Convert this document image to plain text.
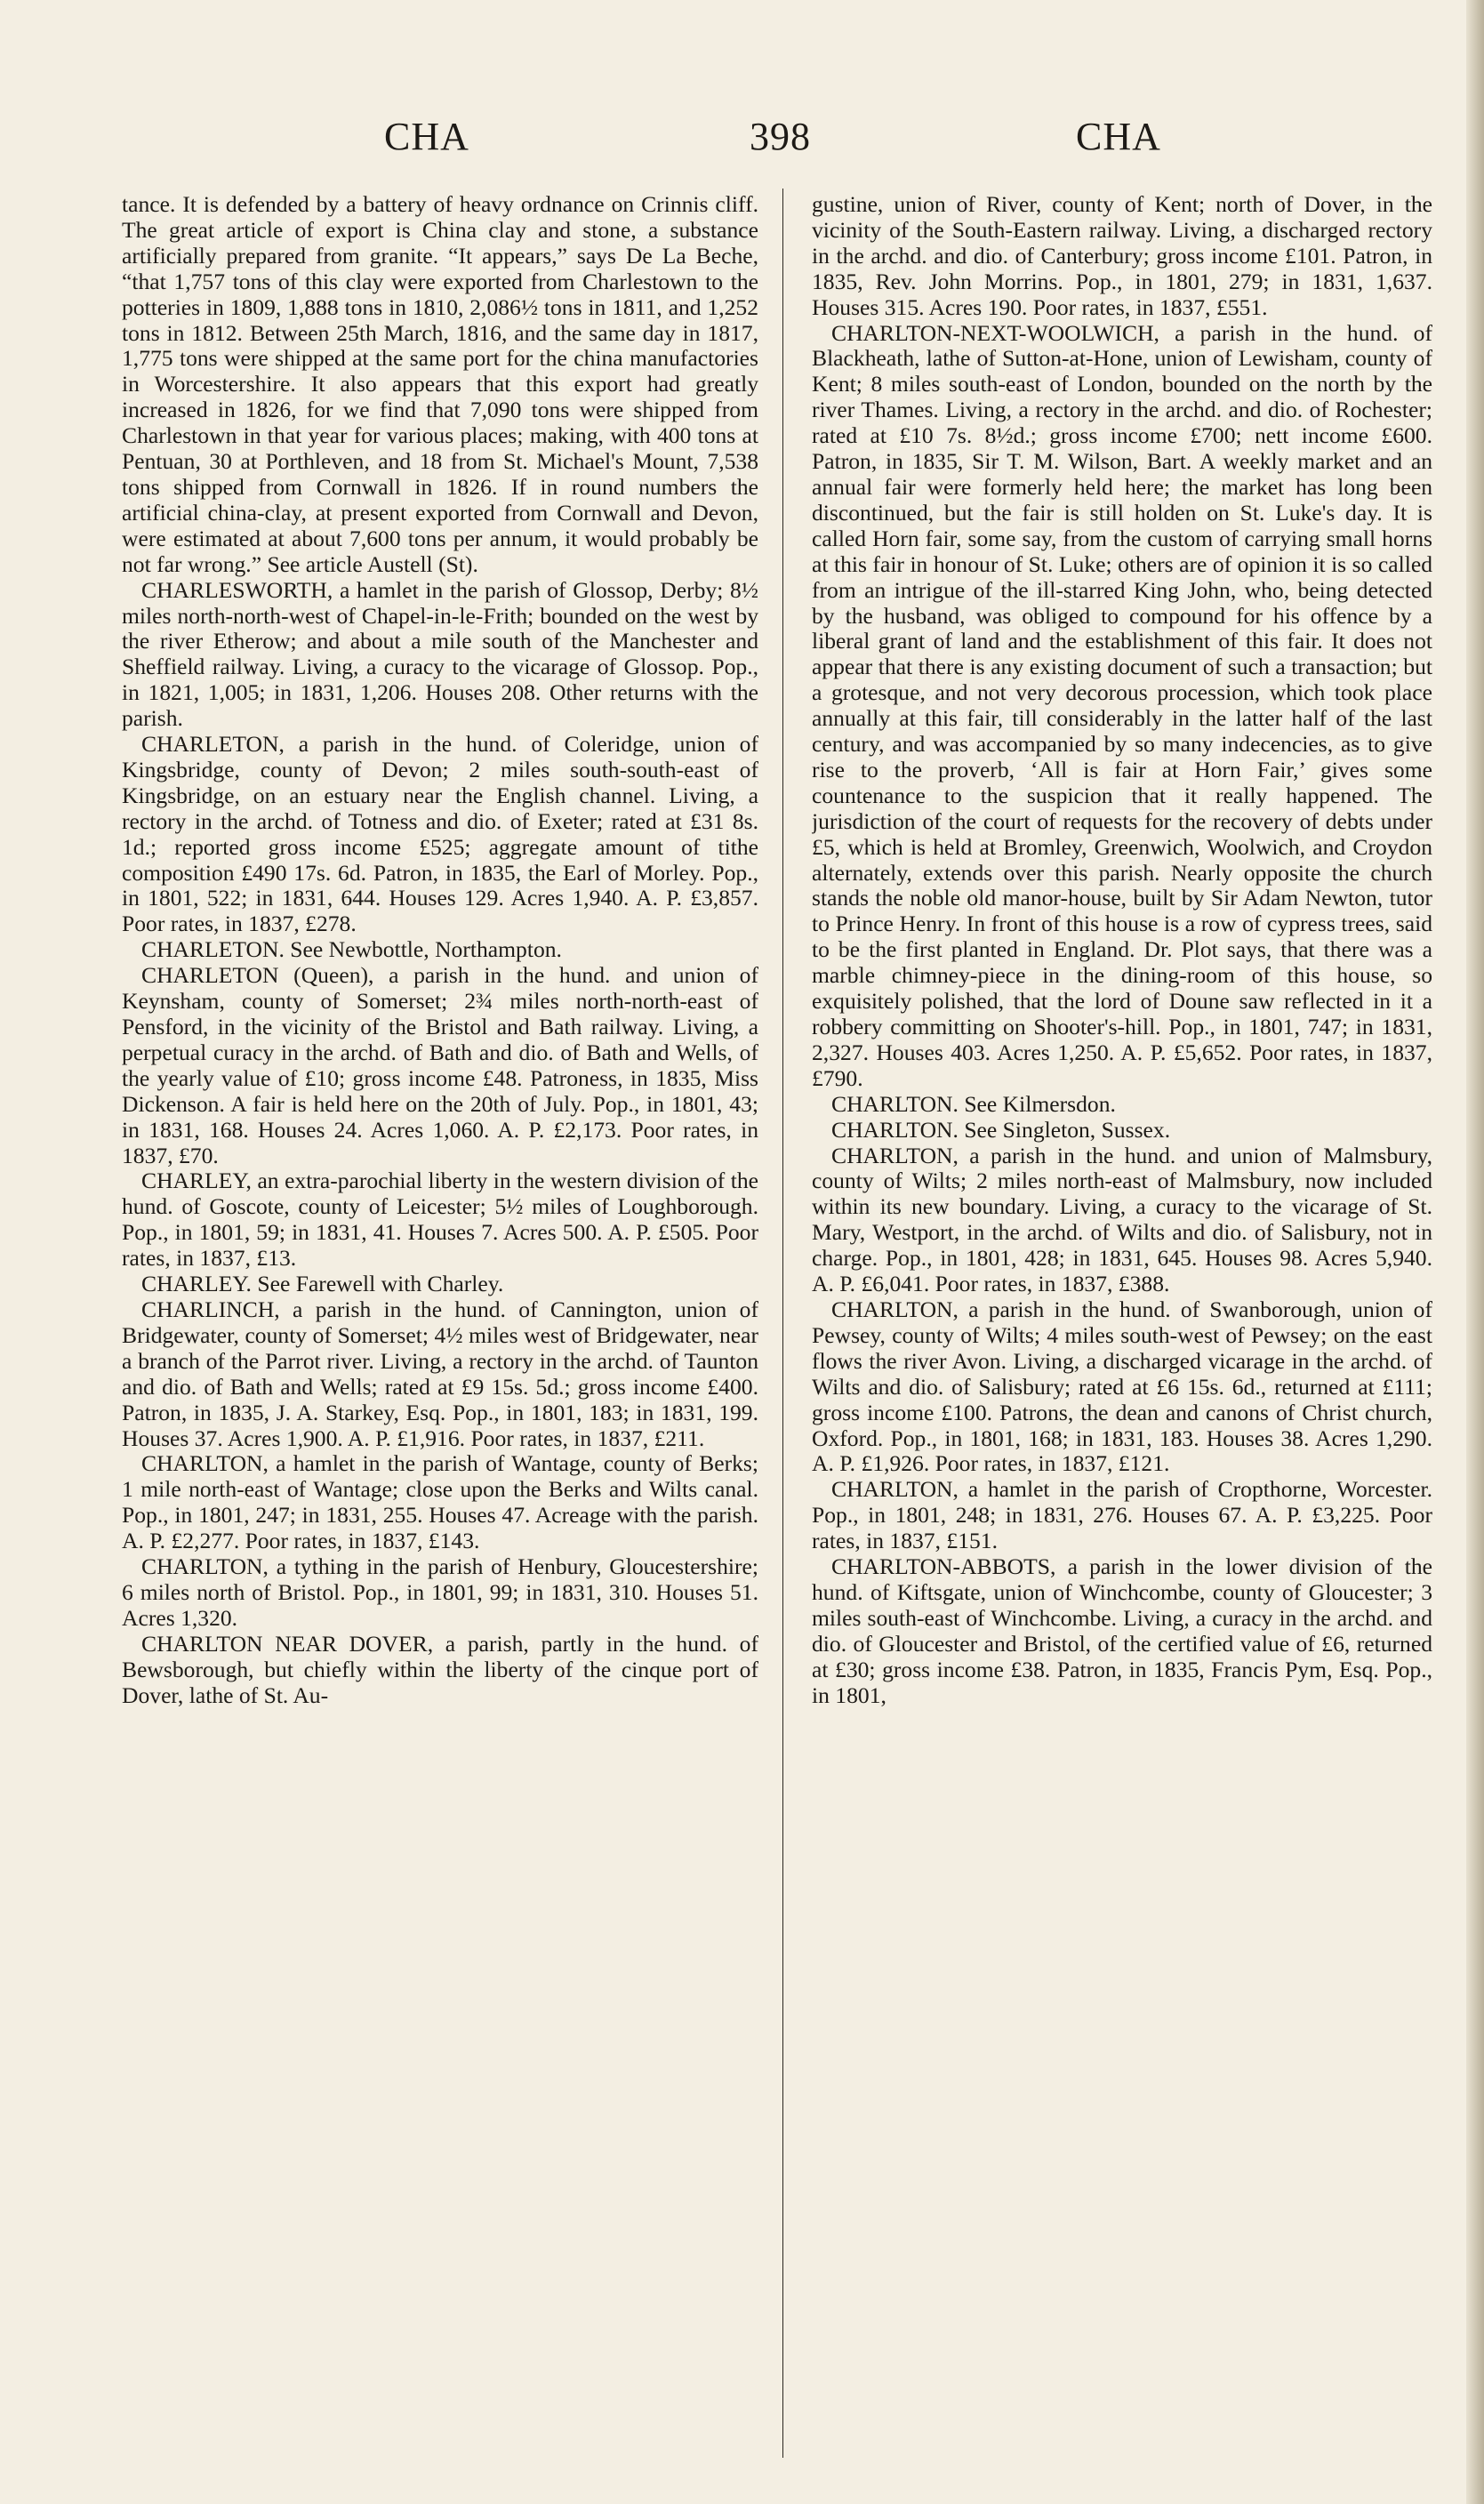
CHA	398	CHA

tance. It is defended by a battery of heavy ordnance on Crinnis cliff. The great article of export is China clay and stone, a substance artificially prepared from granite. “It appears,” says De La Beche, “that 1,757 tons of this clay were exported from Charlestown to the potteries in 1809, 1,888 tons in 1810, 2,086½ tons in 1811, and 1,252 tons in 1812. Between 25th March, 1816, and the same day in 1817, 1,775 tons were shipped at the same port for the china manufactories in Worcestershire. It also appears that this export had greatly increased in 1826, for we find that 7,090 tons were shipped from Charlestown in that year for various places; making, with 400 tons at Pentuan, 30 at Porthleven, and 18 from St. Michael's Mount, 7,538 tons shipped from Cornwall in 1826. If in round numbers the artificial china-clay, at present exported from Cornwall and Devon, were estimated at about 7,600 tons per annum, it would probably be not far wrong.” See article Austell (St).

CHARLESWORTH, a hamlet in the parish of Glossop, Derby; 8½ miles north-north-west of Chapel-in-le-Frith; bounded on the west by the river Etherow; and about a mile south of the Manchester and Sheffield railway. Living, a curacy to the vicarage of Glossop. Pop., in 1821, 1,005; in 1831, 1,206. Houses 208. Other returns with the parish.

CHARLETON, a parish in the hund. of Coleridge, union of Kingsbridge, county of Devon; 2 miles south-south-east of Kingsbridge, on an estuary near the English channel. Living, a rectory in the archd. of Totness and dio. of Exeter; rated at £31 8s. 1d.; reported gross income £525; aggregate amount of tithe composition £490 17s. 6d. Patron, in 1835, the Earl of Morley. Pop., in 1801, 522; in 1831, 644. Houses 129. Acres 1,940. A. P. £3,857. Poor rates, in 1837, £278.

CHARLETON. See Newbottle, Northampton.

CHARLETON (Queen), a parish in the hund. and union of Keynsham, county of Somerset; 2¾ miles north-north-east of Pensford, in the vicinity of the Bristol and Bath railway. Living, a perpetual curacy in the archd. of Bath and dio. of Bath and Wells, of the yearly value of £10; gross income £48. Patroness, in 1835, Miss Dickenson. A fair is held here on the 20th of July. Pop., in 1801, 43; in 1831, 168. Houses 24. Acres 1,060. A. P. £2,173. Poor rates, in 1837, £70.

CHARLEY, an extra-parochial liberty in the western division of the hund. of Goscote, county of Leicester; 5½ miles of Loughborough. Pop., in 1801, 59; in 1831, 41. Houses 7. Acres 500. A. P. £505. Poor rates, in 1837, £13.

CHARLEY. See Farewell with Charley.

CHARLINCH, a parish in the hund. of Cannington, union of Bridgewater, county of Somerset; 4½ miles west of Bridgewater, near a branch of the Parrot river. Living, a rectory in the archd. of Taunton and dio. of Bath and Wells; rated at £9 15s. 5d.; gross income £400. Patron, in 1835, J. A. Starkey, Esq. Pop., in 1801, 183; in 1831, 199. Houses 37. Acres 1,900. A. P. £1,916. Poor rates, in 1837, £211.

CHARLTON, a hamlet in the parish of Wantage, county of Berks; 1 mile north-east of Wantage; close upon the Berks and Wilts canal. Pop., in 1801, 247; in 1831, 255. Houses 47. Acreage with the parish. A. P. £2,277. Poor rates, in 1837, £143.

CHARLTON, a tything in the parish of Henbury, Gloucestershire; 6 miles north of Bristol. Pop., in 1801, 99; in 1831, 310. Houses 51. Acres 1,320.

CHARLTON NEAR DOVER, a parish, partly in the hund. of Bewsborough, but chiefly within the liberty of the cinque port of Dover, lathe of St. Au-

gustine, union of River, county of Kent; north of Dover, in the vicinity of the South-Eastern railway. Living, a discharged rectory in the archd. and dio. of Canterbury; gross income £101. Patron, in 1835, Rev. John Morrins. Pop., in 1801, 279; in 1831, 1,637. Houses 315. Acres 190. Poor rates, in 1837, £551.

CHARLTON-NEXT-WOOLWICH, a parish in the hund. of Blackheath, lathe of Sutton-at-Hone, union of Lewisham, county of Kent; 8 miles south-east of London, bounded on the north by the river Thames. Living, a rectory in the archd. and dio. of Rochester; rated at £10 7s. 8½d.; gross income £700; nett income £600. Patron, in 1835, Sir T. M. Wilson, Bart. A weekly market and an annual fair were formerly held here; the market has long been discontinued, but the fair is still holden on St. Luke's day. It is called Horn fair, some say, from the custom of carrying small horns at this fair in honour of St. Luke; others are of opinion it is so called from an intrigue of the ill-starred King John, who, being detected by the husband, was obliged to compound for his offence by a liberal grant of land and the establishment of this fair. It does not appear that there is any existing document of such a transaction; but a grotesque, and not very decorous procession, which took place annually at this fair, till considerably in the latter half of the last century, and was accompanied by so many indecencies, as to give rise to the proverb, ‘All is fair at Horn Fair,’ gives some countenance to the suspicion that it really happened. The jurisdiction of the court of requests for the recovery of debts under £5, which is held at Bromley, Greenwich, Woolwich, and Croydon alternately, extends over this parish. Nearly opposite the church stands the noble old manor-house, built by Sir Adam Newton, tutor to Prince Henry. In front of this house is a row of cypress trees, said to be the first planted in England. Dr. Plot says, that there was a marble chimney-piece in the dining-room of this house, so exquisitely polished, that the lord of Doune saw reflected in it a robbery committing on Shooter's-hill. Pop., in 1801, 747; in 1831, 2,327. Houses 403. Acres 1,250. A. P. £5,652. Poor rates, in 1837, £790.

CHARLTON. See Kilmersdon.

CHARLTON. See Singleton, Sussex.

CHARLTON, a parish in the hund. and union of Malmsbury, county of Wilts; 2 miles north-east of Malmsbury, now included within its new boundary. Living, a curacy to the vicarage of St. Mary, Westport, in the archd. of Wilts and dio. of Salisbury, not in charge. Pop., in 1801, 428; in 1831, 645. Houses 98. Acres 5,940. A. P. £6,041. Poor rates, in 1837, £388.

CHARLTON, a parish in the hund. of Swanborough, union of Pewsey, county of Wilts; 4 miles south-west of Pewsey; on the east flows the river Avon. Living, a discharged vicarage in the archd. of Wilts and dio. of Salisbury; rated at £6 15s. 6d., returned at £111; gross income £100. Patrons, the dean and canons of Christ church, Oxford. Pop., in 1801, 168; in 1831, 183. Houses 38. Acres 1,290. A. P. £1,926. Poor rates, in 1837, £121.

CHARLTON, a hamlet in the parish of Cropthorne, Worcester. Pop., in 1801, 248; in 1831, 276. Houses 67. A. P. £3,225. Poor rates, in 1837, £151.

CHARLTON-ABBOTS, a parish in the lower division of the hund. of Kiftsgate, union of Winchcombe, county of Gloucester; 3 miles south-east of Winchcombe. Living, a curacy in the archd. and dio. of Gloucester and Bristol, of the certified value of £6, returned at £30; gross income £38. Patron, in 1835, Francis Pym, Esq. Pop., in 1801,
